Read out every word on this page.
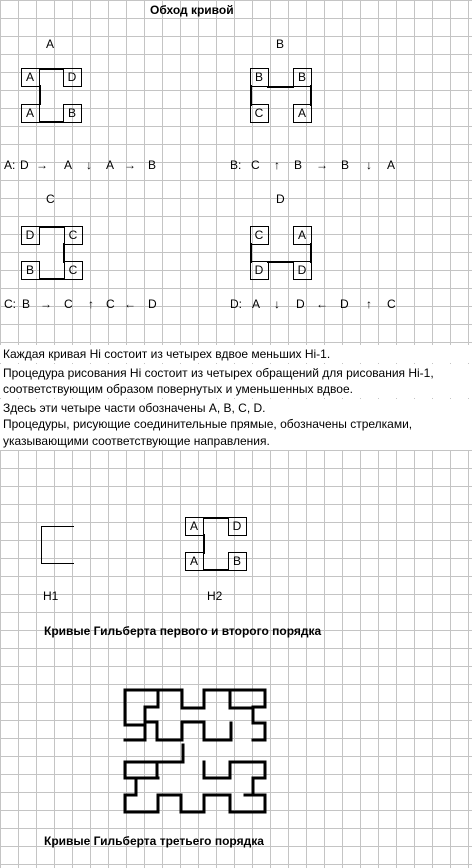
Обход кривой
A
A	D
A	B
B
B	B
C	A
A: D → A ↓ A → B	B: C ↑ B → B ↓ A
C
D	C
B	C
D
C	A
D	D
C: B → C ↑ C ← D	D: A ↓ D ← D ↑ C
Каждая кривая Hi состоит из четырех вдвое меньших Hi-1.
Процедура рисования Hi состоит из четырех обращений для рисования Hi-1,
соответствующим образом повернутых и уменьшенных вдвое.
Здесь эти четыре части обозначены A, B, C, D.
Процедуры, рисующие соединительные прямые, обозначены стрелками,
указывающими соответствующие направления.
H1
A	D
A	B
H2
Кривые Гильберта первого и второго порядка
Кривые Гильберта третьего порядка
